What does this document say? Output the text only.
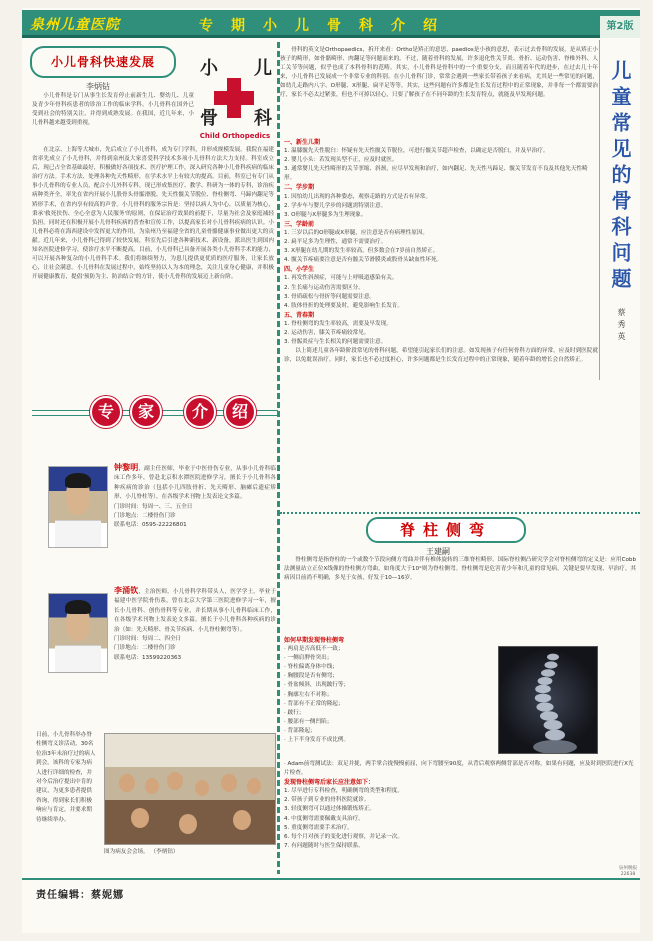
泉州儿童医院	专期小儿骨科介绍	第2版
小儿骨科快速发展
李炳钻
小 儿
骨 科
Child Orthopedics

小儿骨科是专门从事生长发育停止前新生儿、婴幼儿、儿童及青少年骨科疾患者的诊治工作的临床学科。小儿骨科在国外已受到社会的特别关注，并得到成熟发展。在我国，近几年来，小儿骨科越来越受到重视，

在北京、上海等大城市，先后成立了小儿骨科，成为专门学科，并形成规模发展。我院在福建省率先成立了小儿骨科，并得到泉州及大家喜爱科学技术多项小儿骨科方法大力支持。科室成立后，现已占全省基础最好，积极做好各项技术、医疗护理工作，深入研究各种小儿骨科疾病的临床治疗方法。手术方法、处理各种先天性畸形，在学术水平上有较大的提高。目前，科室已有专门从事小儿骨科的专业人员，配合小儿外科专科，现已形成集医疗、教学、科研为一体的专科，诊治疾病种类齐全，率先在省内开展小儿股骨头骨骺滑脱、先天性髋关节脱位、脊柱侧弯、马蹄内翻足等矫形手术，在省内享有较高的声誉。小儿骨科的服务宗旨是：坚持以病人为中心，以质量为核心，秉承'救死扶伤、全心全意为人民服务'的原则，在保证治疗效果的前提下，尽量为社会及家庭减轻负担。同时还在积极开展小儿骨科疾病的普查和宣传工作，以提高家长对小儿骨科疾病的认识。小儿骨科必将在海西建设中发挥更大的作用，为泉州乃至福建全省的儿童骨骼健康事业做出更大的贡献。近几年来，小儿骨科已得到了较快发展，科室先后引进各种新技术、新设备，派出医生到国内知名医院进修学习，使诊疗水平不断提高。目前，小儿骨科已具备开展各类小儿骨科手术的能力，可以开展各种复杂的小儿骨科手术。我们将继续努力，为患儿提供更优质的医疗服务，让家长放心，让社会满意。小儿骨科在发展过程中，始终坚持以人为本的理念，关注儿童身心健康，并积极开展健康教育，提倡'预防为主、防治结合'的方针，使小儿骨科的发展迈上新台阶。

专	家	介	绍
钟黎明，副主任医师，毕业于中医骨伤专业，从事小儿骨科临床工作多年，曾赴北京积水潭医院进修学习，擅长于小儿骨科各种疾病的诊治（包括小儿四肢骨折、先天畸形、脑瘫后遗症矫形、小儿脊柱等），在各级学术刊物上发表论文多篇。
门诊时间：每周一、三、五全日
门诊地点：二楼骨伤门诊
联系电话：0595-22226801
李涌钦，主治医师，小儿骨科学科带头人，医学学士，毕业于福建中医学院骨伤系，曾在北京大学第三医院进修学习一年，擅长小儿骨科、创伤骨科等专业，并长期从事小儿骨科临床工作，在各级学术刊物上发表论文多篇。擅长于小儿骨科各种疾病的诊治（如：先天畸形、骨关节疾病、小儿脊柱侧弯等）。
门诊时间：每周二、四全日
门诊地点：二楼骨伤门诊
联系电话：13599220363

日前，小儿骨科举办脊柱侧弯义诊活动，30名位治3年未治疗过的病人到会。该科的专家为病人进行详细的检查，并对今后治疗提出中肯的建议，为更多患者提供咨询，得到家长们积极响应与肯定，并要求期待继续举办。

图为病友会会场。 （李炳钻）
儿童常见的骨科问题
蔡秀英

骨科的英文是Orthopaedics，拆开来看：Ortho是矫正的意思，paedios是小孩的意思，表示过去骨科的发展，是从矫正小孩子的畸形，如骨骼畸形、肉翻足等问题而来的。不过，随着骨科的发展，许多退化性关节炎、骨折、运动伤害、脊椎外科、人工关节等问题，似乎也成了本科骨科的范畴。其实，小儿骨科是骨科中的一个重要分支，而且随着年代的进步，在过去几十年来，小儿骨科已发展成一个非常专业的科别。在小儿骨科门诊，常常会遇到一些家长带着孩子来看病，尤其是一些常见的问题，如幼儿走路内八字、O形腿、X形腿、扁平足等等。其实，这些问题有许多都是生长发育过程中的正常现象，并非每一个都需要治疗，家长不必太过紧张，但也不可掉以轻心，只要了解孩子在不同年龄的生长发育特点，就能及早发现问题。

一、新生儿期
1. 温膝髋先天性脱臼：怀疑有先天性髋关节脱位，可进行髋关节超声检查，以确定是否脱臼，并及早治疗。
2. 婴儿小头：若发现头型不正，应及时就医。
3. 通常婴儿先天性畸形的关节挛缩、斜颈，应尽早发现和治疗，如内翻足、先天性马蹄足、髋关节发育不良及其他先天性畸形。
二、学步期
1. 因怕幼儿出现的各种姿态，观察走路的方式是否有异常。
2. 学步车与婴儿学步的问题需特别注意。
3. O形腿与X形腿多为生理现象。
三、学龄前
1. 三岁以后的O形腿或X形腿，应注意是否有病理性原因。
2. 扁平足多为生理性，通常不需要治疗。
3. X形腿在幼儿期的发生率较高，但多数会在7岁前自然矫正。
4. 髋关节疼痛要注意是否有髋关节滑膜炎或股骨头缺血性坏死。
四、小学生
1. 再发性斜颈症，可能与上呼吸道感染有关。
2. 生长痛与运动伤害需要区分。
3. 骨质疏松与骨折等问题需要注意。
4. 肢体骨折的处理要及时，避免影响生长发育。
五、青春期
1. 脊柱侧弯的发生率较高，需要及早发现。
2. 运动伤害，膝关节疼痛较常见。
3. 骨骺炎症与生长相关的问题需要注意。

以上简述儿童各年龄阶段常见的骨科问题，希望能引起家长们的注意。如发现孩子有任何骨科方面的异常，应及时到医院就诊，以免耽误治疗。同时，家长也不必过度担心，许多问题都是生长发育过程中的正常现象，随着年龄的增长会自然矫正。

脊柱侧弯
王建嗣

脊柱侧弯是指脊柱的一个或数个节段向侧方弯曲并伴有椎体旋转的三维脊柱畸形。国际脊柱侧凸研究学会对脊柱侧弯的定义是：应用Cobb法测量站立正位X线像的脊柱侧方弯曲，如角度大于10°则为脊柱侧弯。脊柱侧弯是危害青少年和儿童的常见病，关键是要早发现、早治疗。其病因目前尚不明确，多见于女孩，好发于10—16岁。

如何早期发现脊柱侧弯
· 两肩是否高低不一致；
· 一侧肩胛骨突出；
· 脊柱偏离身体中线；
· 胸腰段是否有侧弯；
· 骨盆倾斜，出现跛行等；
· 胸廓左右不对称；
· 背部有不正常的隆起；
· 跛行；
· 腰部有一侧凹陷；
· 背部隆起；
· 上下半身发育不成比例。
· Adam前弯测试法：双足并拢，两手掌合拢慢慢前屈，向下弯腰至90度，从背后观察两侧背部是否对称，如果有问题，应及时到医院进行X光片检查。
发现脊柱侧弯后家长应注意如下：
1. 尽早进行专科检查，明确侧弯的类型和程度。
2. 带孩子到专业的骨科医院就诊。
3. 轻度侧弯可以通过体操锻炼矫正。
4. 中度侧弯需要佩戴支具治疗。
5. 重度侧弯需要手术治疗。
6. 每个月对孩子的变化进行观察，并记录一次。
7. 有问题随时与医生保持联系。
责任编辑：蔡妮娜
泉州晚报 22638
